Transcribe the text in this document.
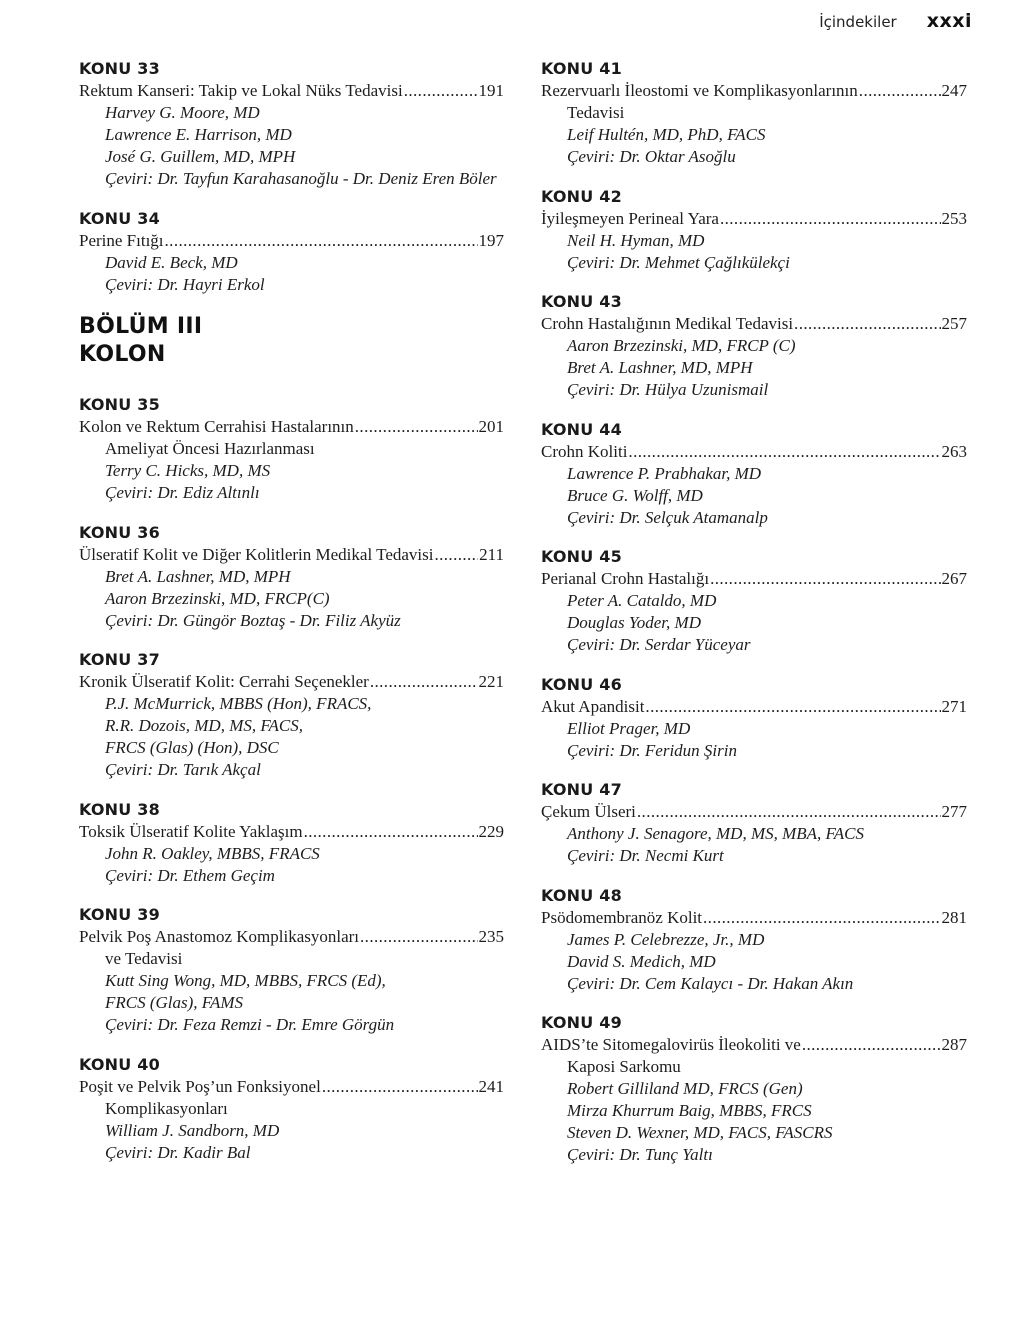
İçindekiler xxxi
KONU 33
Rektum Kanseri: Takip ve Lokal Nüks Tedavisi .....	191
Harvey G. Moore, MD
Lawrence E. Harrison, MD
José G. Guillem, MD, MPH
Çeviri: Dr. Tayfun Karahasanoğlu - Dr. Deniz Eren Böler
KONU 34
Perine Fıtığı .....	197
David E. Beck, MD
Çeviri: Dr. Hayri Erkol
BÖLÜM III
KOLON
KONU 35
Kolon ve Rektum Cerrahisi Hastalarının .....	201
Ameliyat Öncesi Hazırlanması
Terry C. Hicks, MD, MS
Çeviri: Dr. Ediz Altınlı
KONU 36
Ülseratif Kolit ve Diğer Kolitlerin Medikal Tedavisi .....	211
Bret A. Lashner, MD, MPH
Aaron Brzezinski, MD, FRCP(C)
Çeviri: Dr. Güngör Boztaş - Dr. Filiz Akyüz
KONU 37
Kronik Ülseratif Kolit: Cerrahi Seçenekler .....	221
P.J. McMurrick, MBBS (Hon), FRACS,
R.R. Dozois, MD, MS, FACS,
FRCS (Glas) (Hon), DSC
Çeviri: Dr. Tarık Akçal
KONU 38
Toksik Ülseratif Kolite Yaklaşım .....	229
John R. Oakley, MBBS, FRACS
Çeviri: Dr. Ethem Geçim
KONU 39
Pelvik Poş Anastomoz Komplikasyonları .....	235
ve Tedavisi
Kutt Sing Wong, MD, MBBS, FRCS (Ed),
FRCS (Glas), FAMS
Çeviri: Dr. Feza Remzi - Dr. Emre Görgün
KONU 40
Poşit ve Pelvik Poş’un Fonksiyonel .....	241
Komplikasyonları
William J. Sandborn, MD
Çeviri: Dr. Kadir Bal
KONU 41
Rezervuarlı İleostomi ve Komplikasyonlarının .....	247
Tedavisi
Leif Hultén, MD, PhD, FACS
Çeviri: Dr. Oktar Asoğlu
KONU 42
İyileşmeyen Perineal Yara .....	253
Neil H. Hyman, MD
Çeviri: Dr. Mehmet Çağlıkülekçi
KONU 43
Crohn Hastalığının Medikal Tedavisi .....	257
Aaron Brzezinski, MD, FRCP (C)
Bret A. Lashner, MD, MPH
Çeviri: Dr. Hülya Uzunismail
KONU 44
Crohn Koliti .....	263
Lawrence P. Prabhakar, MD
Bruce G. Wolff, MD
Çeviri: Dr. Selçuk Atamanalp
KONU 45
Perianal Crohn Hastalığı .....	267
Peter A. Cataldo, MD
Douglas Yoder, MD
Çeviri: Dr. Serdar Yüceyar
KONU 46
Akut Apandisit .....	271
Elliot Prager, MD
Çeviri: Dr. Feridun Şirin
KONU 47
Çekum Ülseri .....	277
Anthony J. Senagore, MD, MS, MBA, FACS
Çeviri: Dr. Necmi Kurt
KONU 48
Psödomembranöz Kolit .....	281
James P. Celebrezze, Jr., MD
David S. Medich, MD
Çeviri: Dr. Cem Kalaycı - Dr. Hakan Akın
KONU 49
AIDS’te Sitomegalovirüs İleokoliti ve .....	287
Kaposi Sarkomu
Robert Gilliland MD, FRCS (Gen)
Mirza Khurrum Baig, MBBS, FRCS
Steven D. Wexner, MD, FACS, FASCRS
Çeviri: Dr. Tunç Yaltı
